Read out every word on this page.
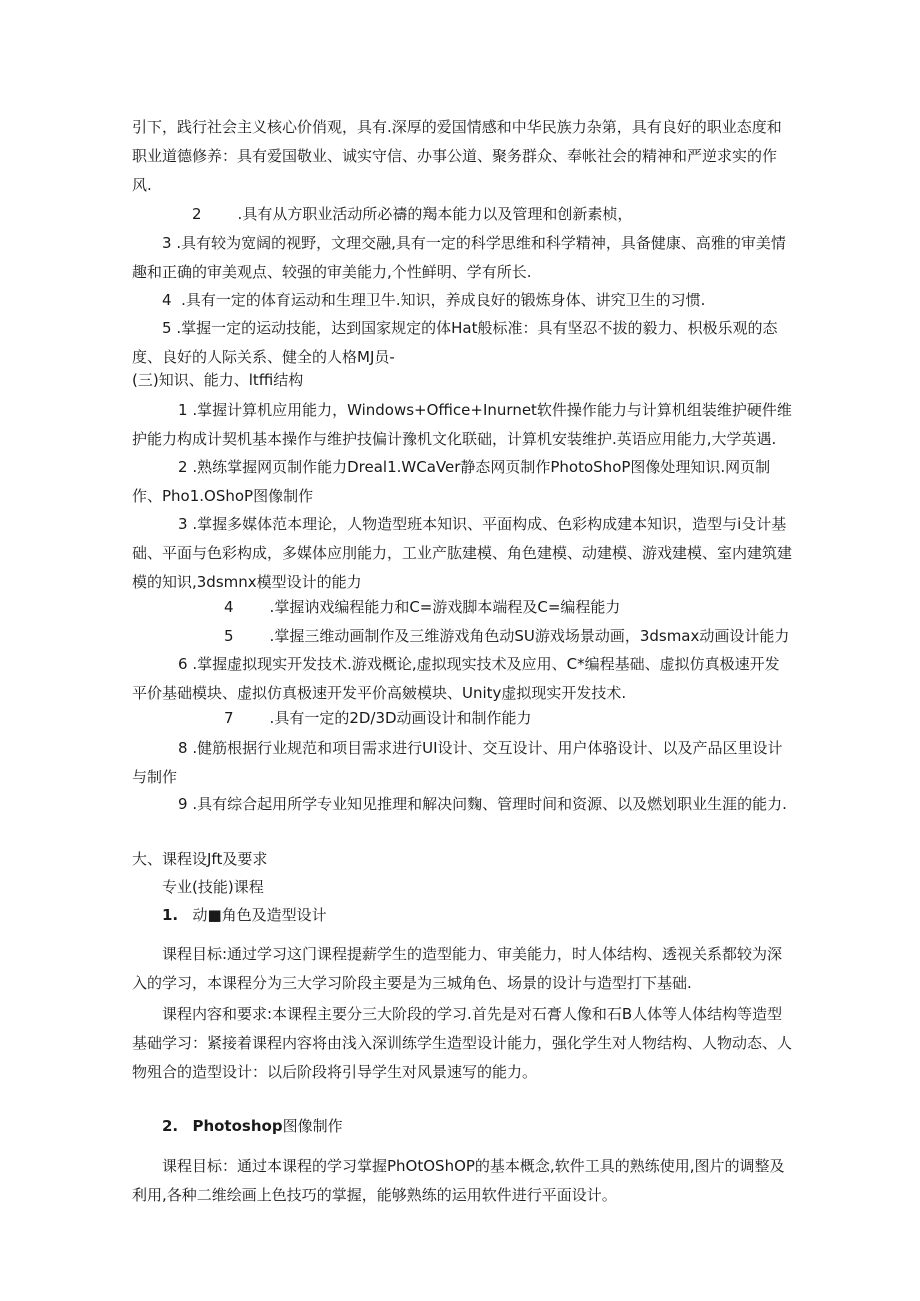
引下，践行社会主义核心价俏观，具有.深厚的爱国情感和中华民族力杂第，具有良好的职业态度和职业道德修养：具有爱国敬业、诚实守信、办事公道、聚务群众、奉帐社会的精神和严逆求实的作风.

2 .具有从方职业活动所必禱的羯本能力以及管理和创新素桢，

3 .具有较为宽阔的视野，文理交融,具有一定的科学思维和科学精神，具备健康、高雅的审美情趣和正确的审美观点、较强的审美能力,个性鲜明、学有所长.

4 .具有一定的体育运动和生理卫牛.知识，养成良好的锻炼身体、讲究卫生的习惯.

5 .掌握一定的运动技能，达到国家规定的体Hat般标准：具有坚忍不拔的毅力、枳极乐观的态度、良好的人际关系、健全的人格MJ员-

(三)知识、能力、ltffi结构

1 .掌握计算机应用能力，Windows+Office+Inurnet软件操作能力与计算机组装维护硬件维护能力构成计契机基本操作与维护技偏计豫机文化联础，计算机安装维护.英语应用能力,大学英遇.

2 .熟练掌握网页制作能力Dreal1.WCaVer静态网页制作PhotoShoP图像处理知识.网页制作、Pho1.OShoP图像制作

3 .掌握多媒体范本理论，人物造型班本知识、平面构成、色彩构成建本知识，造型与i殳计基础、平面与色彩构成，多媒体应刖能力，工业产肱建模、角色建模、动建模、游戏建模、室内建筑建模的知识,3dsmnx模型设计的能力

4 .掌握讷戏编程能力和C=游戏脚本端程及C=编程能力

5 .掌握三维动画制作及三维游戏角色动SU游戏场景动画，3dsmax动画设计能力

6 .掌握虚拟现实开发技术.游戏概论,虚拟现实技术及应用、C*编程基础、虚拟仿真极速开发平价基础模块、虚拟仿真极速开发平价高皴模块、Unity虚拟现实开发技术.

7 .具有一定的2D/3D动画设计和制作能力

8 .健筋根据行业规范和项目需求进行UI设计、交互设计、用户体骆设计、以及产品区里设计与制作

9 .具有综合起用所学专业知见推理和解决问麴、管理时间和资源、以及燃划职业生涯的能力.

大、课程设Jft及要求

专业(技能)课程

1. 动■角色及造型设计

课程目标:通过学习这门课程提薪学生的造型能力、审美能力，时人体结构、透视关系都较为深入的学习，本课程分为三大学习阶段主要是为三城角色、场景的设计与造型打下基础.

课程内容和要求:本课程主要分三大阶段的学习.首先是对石膏人像和石B人体等人体结构等造型基础学习：紧接着课程内容将由浅入深训练学生造型设计能力，强化学生对人物结构、人物动态、人物殂合的造型设计：以后阶段将引导学生对风景速写的能力。

2. Photoshop图像制作

课程目标：通过本课程的学习掌握PhOtOShOP的基本概念,软件工具的熟练使用,图片的调整及利用,各种二维绘画上色技巧的掌握，能够熟练的运用软件进行平面设计。
